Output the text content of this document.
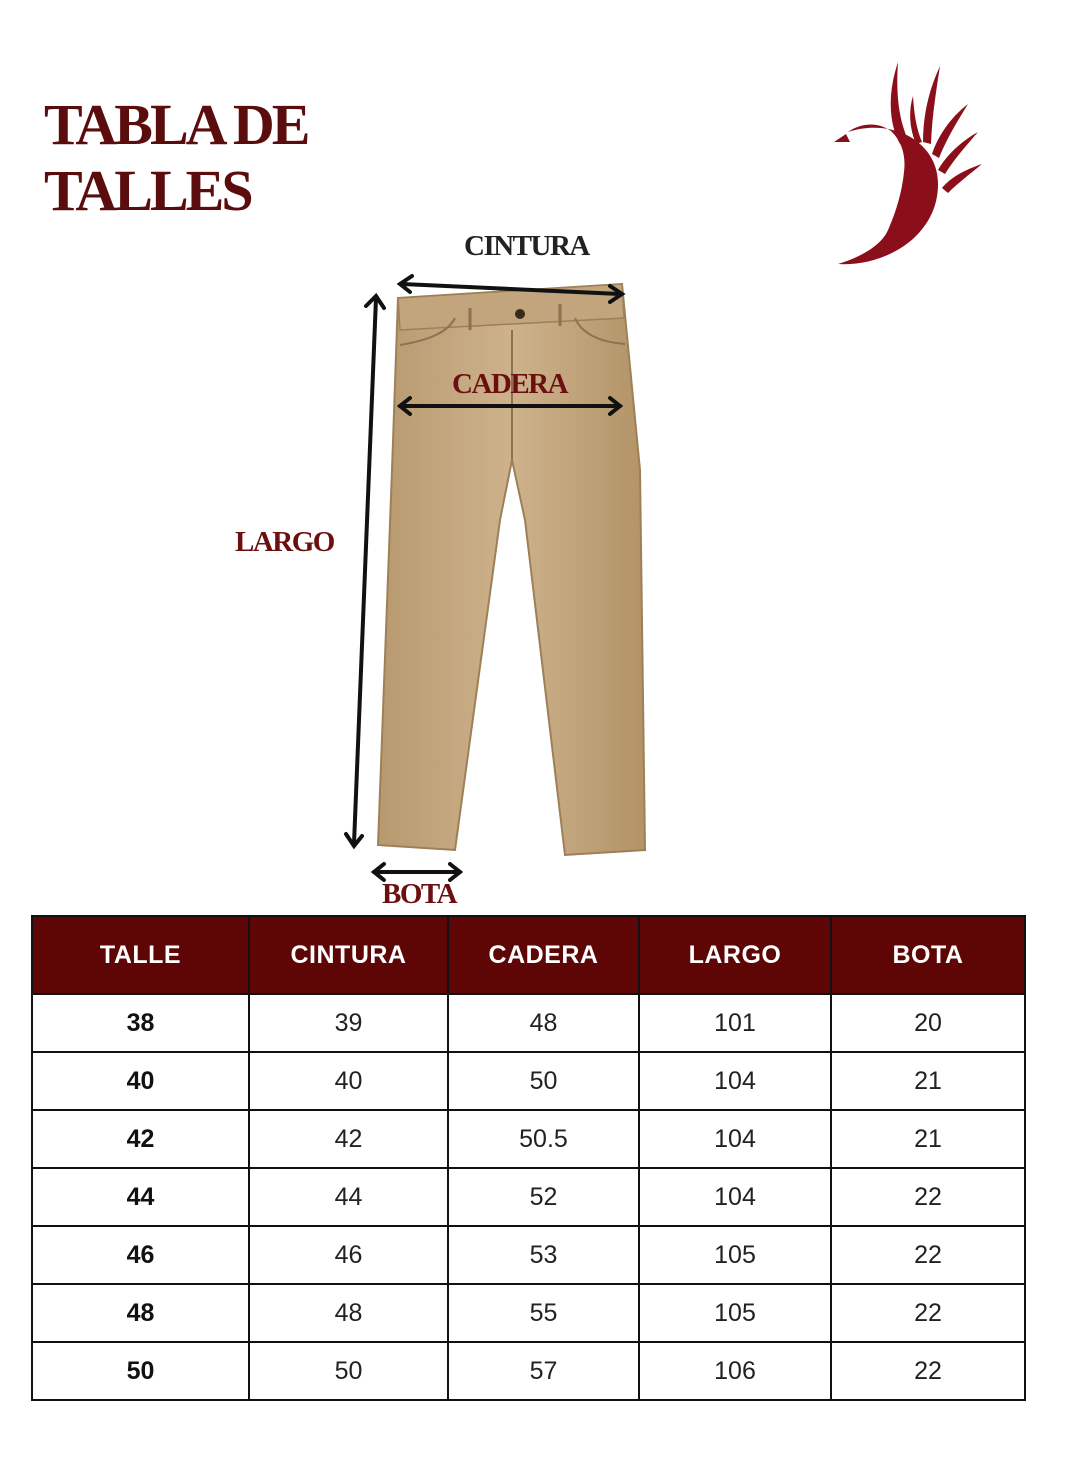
TABLA DE
TALLES
CINTURA
CADERA
LARGO
BOTA
TALLE	CINTURA	CADERA	LARGO	BOTA
38	39	48	101	20
40	40	50	104	21
42	42	50.5	104	21
44	44	52	104	22
46	46	53	105	22
48	48	55	105	22
50	50	57	106	22
